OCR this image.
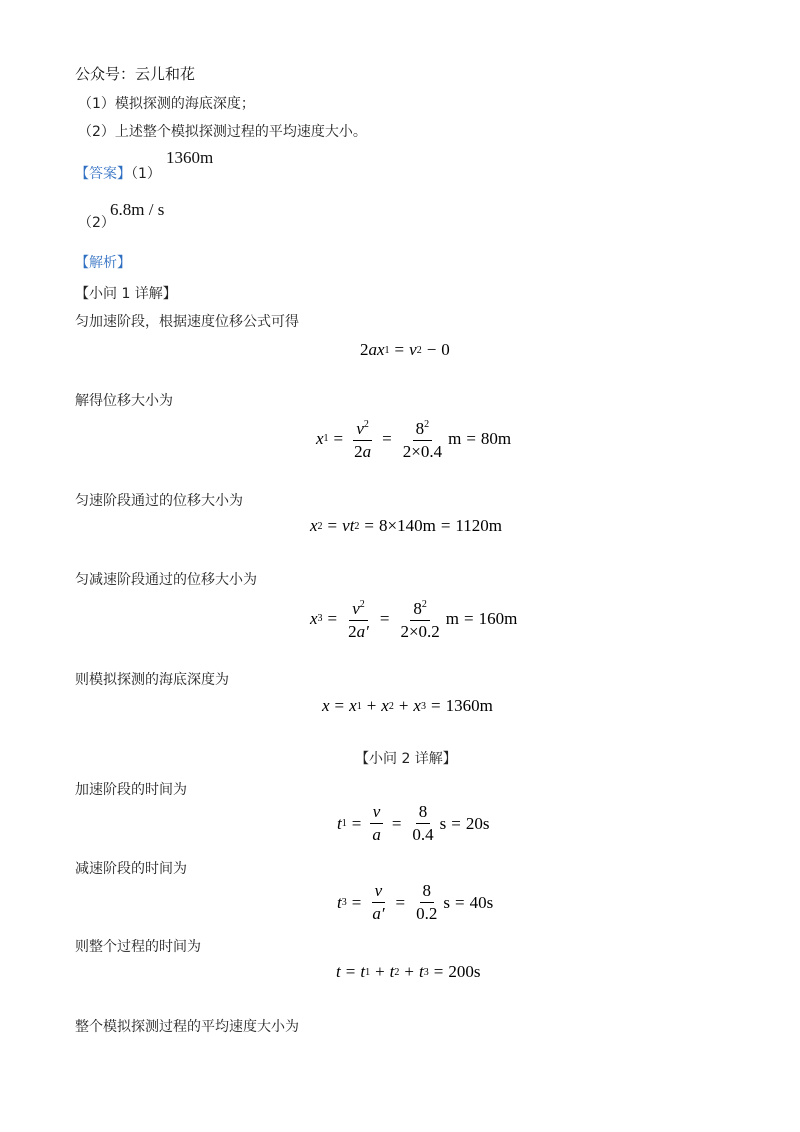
公众号：云儿和花
（1）模拟探测的海底深度；
（2）上述整个模拟探测过程的平均速度大小。
【答案】（1）
1360m
（2）
6.8m / s
【解析】
【小问 1 详解】
匀加速阶段，根据速度位移公式可得
2 a x 1 = v 2 − 0
解得位移大小为
x $1 = \frac{v^2}{2a} = \frac{8^2}{2\times 0.4}$ m = 80m
匀速阶段通过的位移大小为
x 2 = v t 2 = 8×140m = 1120m
匀减速阶段通过的位移大小为
x $3 = \frac{v^2}{2a'} = \frac{8^2}{2\times 0.2}$ m = 160m
则模拟探测的海底深度为
x = x 1 + x 2 + x 3 = 1360m
【小问 2 详解】
加速阶段的时间为
t $1 = \frac{v}{a} = \frac{8}{0.4}$ s = 20s
减速阶段的时间为
t $3 = \frac{v}{a'} = \frac{8}{0.2}$ s = 40s
则整个过程的时间为
t = t 1 + t 2 + t 3 = 200s
整个模拟探测过程的平均速度大小为
